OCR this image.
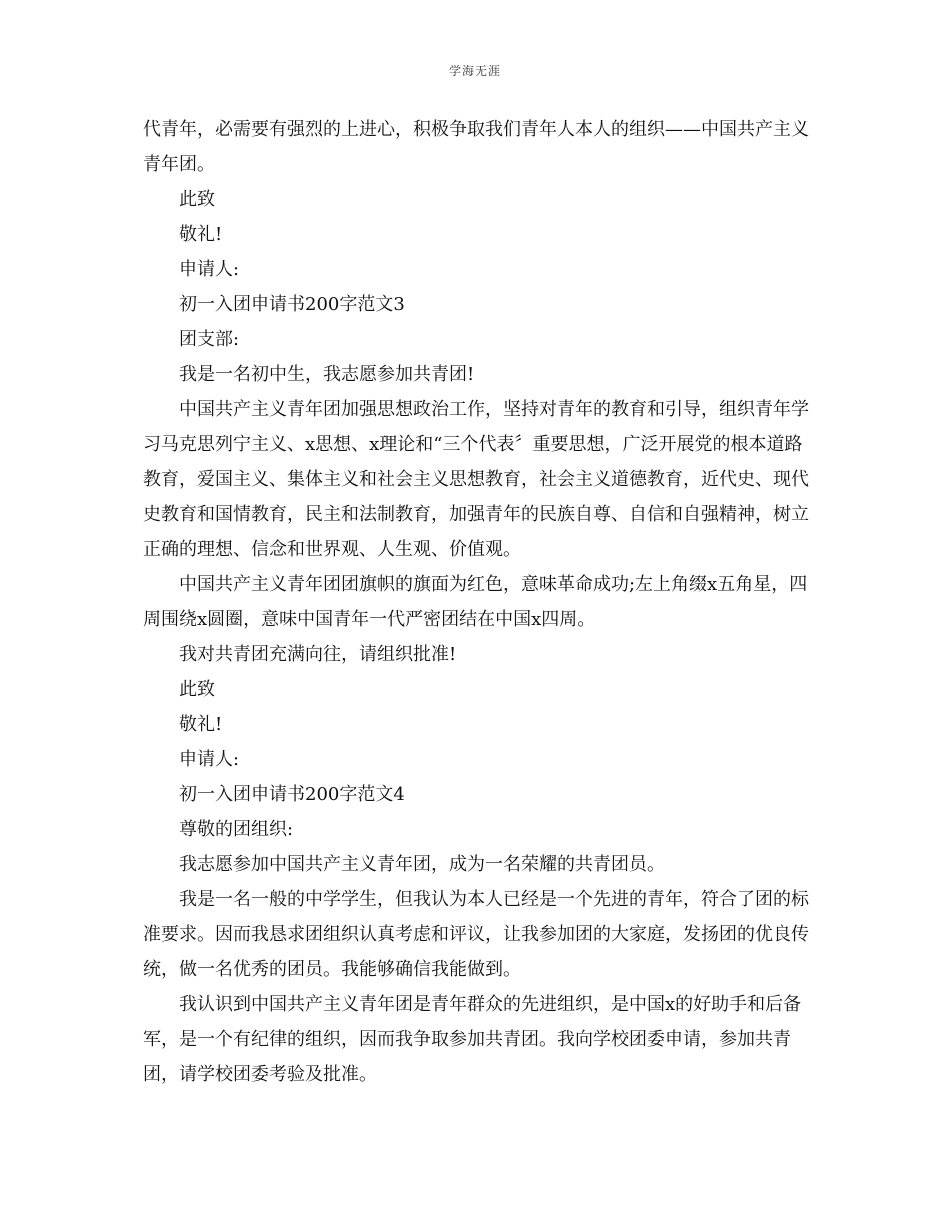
学海无涯

代青年，必需要有强烈的上进心，积极争取我们青年人本人的组织——中国共产主义青年团。

此致

敬礼!

申请人:

初一入团申请书200字范文3

团支部:

我是一名初中生，我志愿参加共青团!

中国共产主义青年团加强思想政治工作，坚持对青年的教育和引导，组织青年学习马克思列宁主义、x思想、x理论和“三个代表〞重要思想，广泛开展党的根本道路教育，爱国主义、集体主义和社会主义思想教育，社会主义道德教育，近代史、现代史教育和国情教育，民主和法制教育，加强青年的民族自尊、自信和自强精神，树立正确的理想、信念和世界观、人生观、价值观。

中国共产主义青年团团旗帜的旗面为红色，意味革命成功;左上角缀x五角星，四周围绕x圆圈，意味中国青年一代严密团结在中国x四周。

我对共青团充满向往，请组织批准!

此致

敬礼!

申请人:

初一入团申请书200字范文4

尊敬的团组织:

我志愿参加中国共产主义青年团，成为一名荣耀的共青团员。

我是一名一般的中学学生，但我认为本人已经是一个先进的青年，符合了团的标准要求。因而我恳求团组织认真考虑和评议，让我参加团的大家庭，发扬团的优良传统，做一名优秀的团员。我能够确信我能做到。

我认识到中国共产主义青年团是青年群众的先进组织，是中国x的好助手和后备军，是一个有纪律的组织，因而我争取参加共青团。我向学校团委申请，参加共青团，请学校团委考验及批准。
